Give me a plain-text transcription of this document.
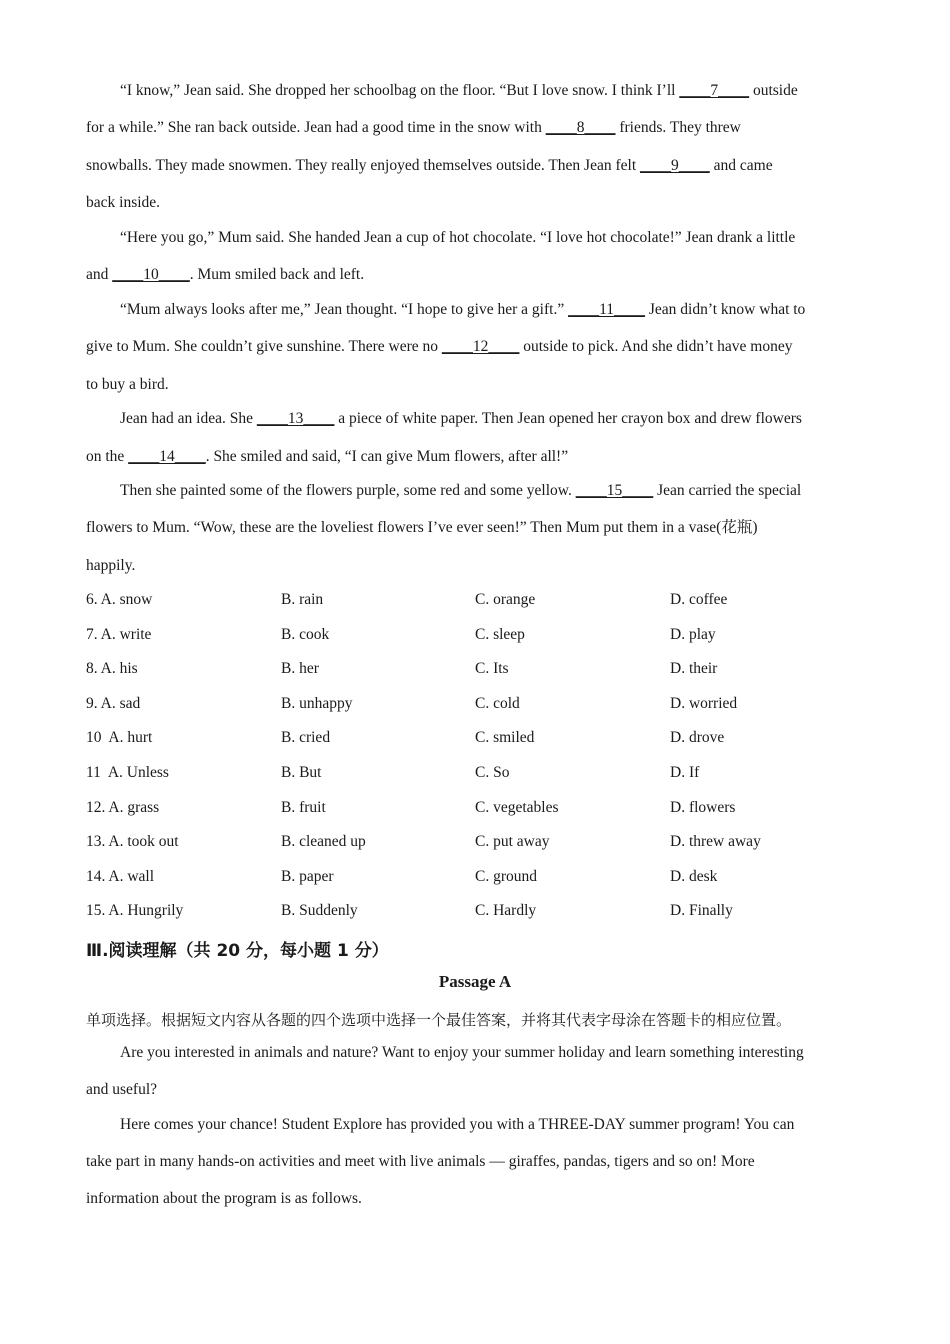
“I know,” Jean said. She dropped her schoolbag on the floor. “But I love snow. I think I’ll ____7____ outside
for a while.” She ran back outside. Jean had a good time in the snow with ____8____ friends. They threw
snowballs. They made snowmen. They really enjoyed themselves outside. Then Jean felt ____9____ and came
back inside.
“Here you go,” Mum said. She handed Jean a cup of hot chocolate. “I love hot chocolate!” Jean drank a little
and ____10____. Mum smiled back and left.
“Mum always looks after me,” Jean thought. “I hope to give her a gift.” ____11____ Jean didn’t know what to
give to Mum. She couldn’t give sunshine. There were no ____12____ outside to pick. And she didn’t have money
to buy a bird.
Jean had an idea. She ____13____ a piece of white paper. Then Jean opened her crayon box and drew flowers
on the ____14____. She smiled and said, “I can give Mum flowers, after all!”
Then she painted some of the flowers purple, some red and some yellow. ____15____ Jean carried the special
flowers to Mum. “Wow, these are the loveliest flowers I’ve ever seen!” Then Mum put them in a vase(花瓶)
happily.
6. A. snow	B. rain	C. orange	D. coffee
7. A. write	B. cook	C. sleep	D. play
8. A. his	B. her	C. Its	D. their
9. A. sad	B. unhappy	C. cold	D. worried
10  A. hurt	B. cried	C. smiled	D. drove
11  A. Unless	B. But	C. So	D. If
12. A. grass	B. fruit	C. vegetables	D. flowers
13. A. took out	B. cleaned up	C. put away	D. threw away
14. A. wall	B. paper	C. ground	D. desk
15. A. Hungrily	B. Suddenly	C. Hardly	D. Finally
Ⅲ.阅读理解（共 20 分，每小题 1 分）
Passage A
单项选择。根据短文内容从各题的四个选项中选择一个最佳答案，并将其代表字母涂在答题卡的相应位置。
Are you interested in animals and nature? Want to enjoy your summer holiday and learn something interesting
and useful?
Here comes your chance! Student Explore has provided you with a THREE-DAY summer program! You can
take part in many hands-on activities and meet with live animals — giraffes, pandas, tigers and so on! More
information about the program is as follows.
